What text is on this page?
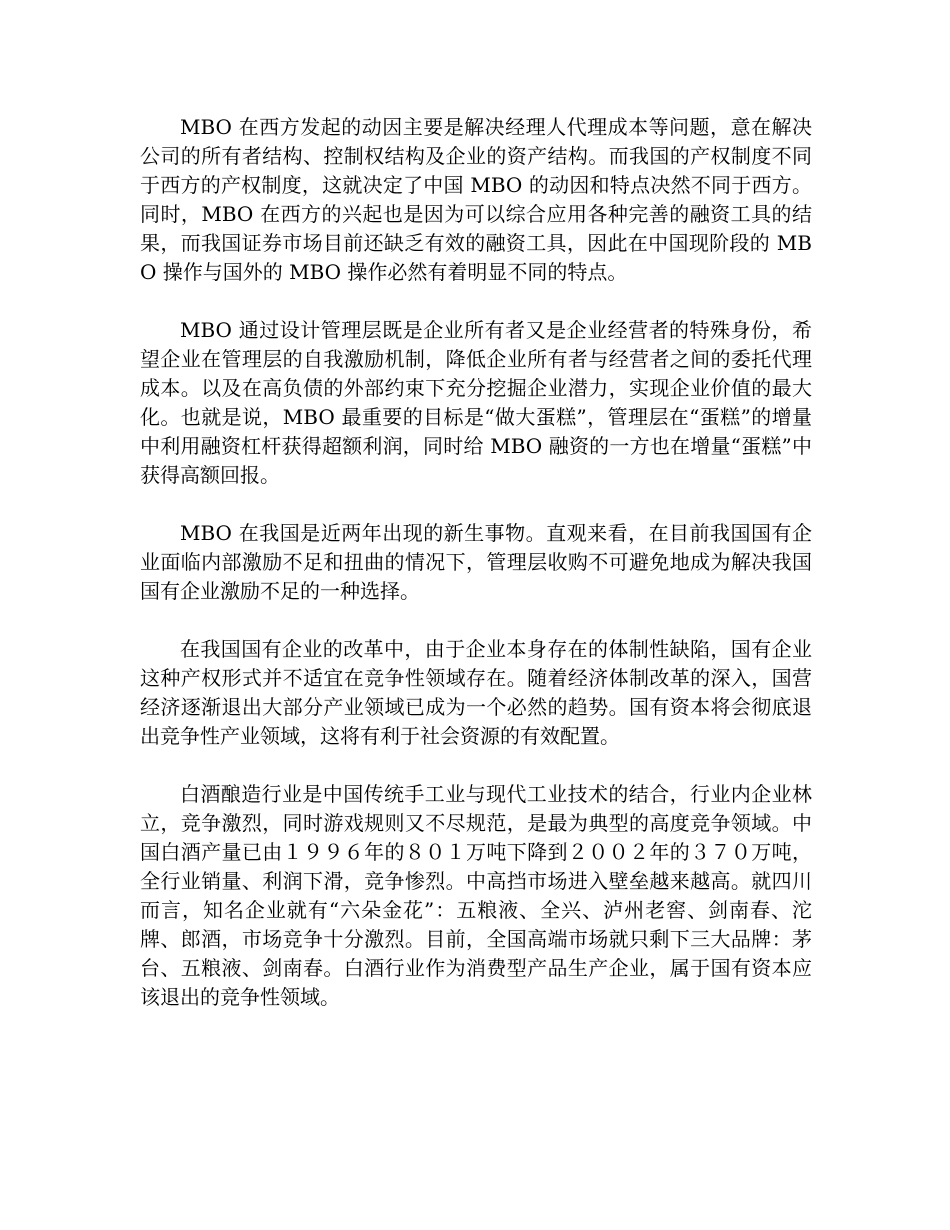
MBO 在西方发起的动因主要是解决经理人代理成本等问题，意在解决公司的所有者结构、控制权结构及企业的资产结构。而我国的产权制度不同于西方的产权制度，这就决定了中国 MBO 的动因和特点决然不同于西方。同时，MBO 在西方的兴起也是因为可以综合应用各种完善的融资工具的结果，而我国证券市场目前还缺乏有效的融资工具，因此在中国现阶段的 MBO 操作与国外的 MBO 操作必然有着明显不同的特点。

MBO 通过设计管理层既是企业所有者又是企业经营者的特殊身份，希望企业在管理层的自我激励机制，降低企业所有者与经营者之间的委托代理成本。以及在高负债的外部约束下充分挖掘企业潜力，实现企业价值的最大化。也就是说，MBO 最重要的目标是“做大蛋糕”，管理层在“蛋糕”的增量中利用融资杠杆获得超额利润，同时给 MBO 融资的一方也在增量“蛋糕”中获得高额回报。

MBO 在我国是近两年出现的新生事物。直观来看，在目前我国国有企业面临内部激励不足和扭曲的情况下，管理层收购不可避免地成为解决我国国有企业激励不足的一种选择。

在我国国有企业的改革中，由于企业本身存在的体制性缺陷，国有企业这种产权形式并不适宜在竞争性领域存在。随着经济体制改革的深入，国营经济逐渐退出大部分产业领域已成为一个必然的趋势。国有资本将会彻底退出竞争性产业领域，这将有利于社会资源的有效配置。

白酒酿造行业是中国传统手工业与现代工业技术的结合，行业内企业林立，竞争激烈，同时游戏规则又不尽规范，是最为典型的高度竞争领域。中国白酒产量已由１９９６年的８０１万吨下降到２００２年的３７０万吨，全行业销量、利润下滑，竞争惨烈。中高挡市场进入壁垒越来越高。就四川而言，知名企业就有“六朵金花”：五粮液、全兴、泸州老窖、剑南春、沱牌、郎酒，市场竞争十分激烈。目前，全国高端市场就只剩下三大品牌：茅台、五粮液、剑南春。白酒行业作为消费型产品生产企业，属于国有资本应该退出的竞争性领域。
